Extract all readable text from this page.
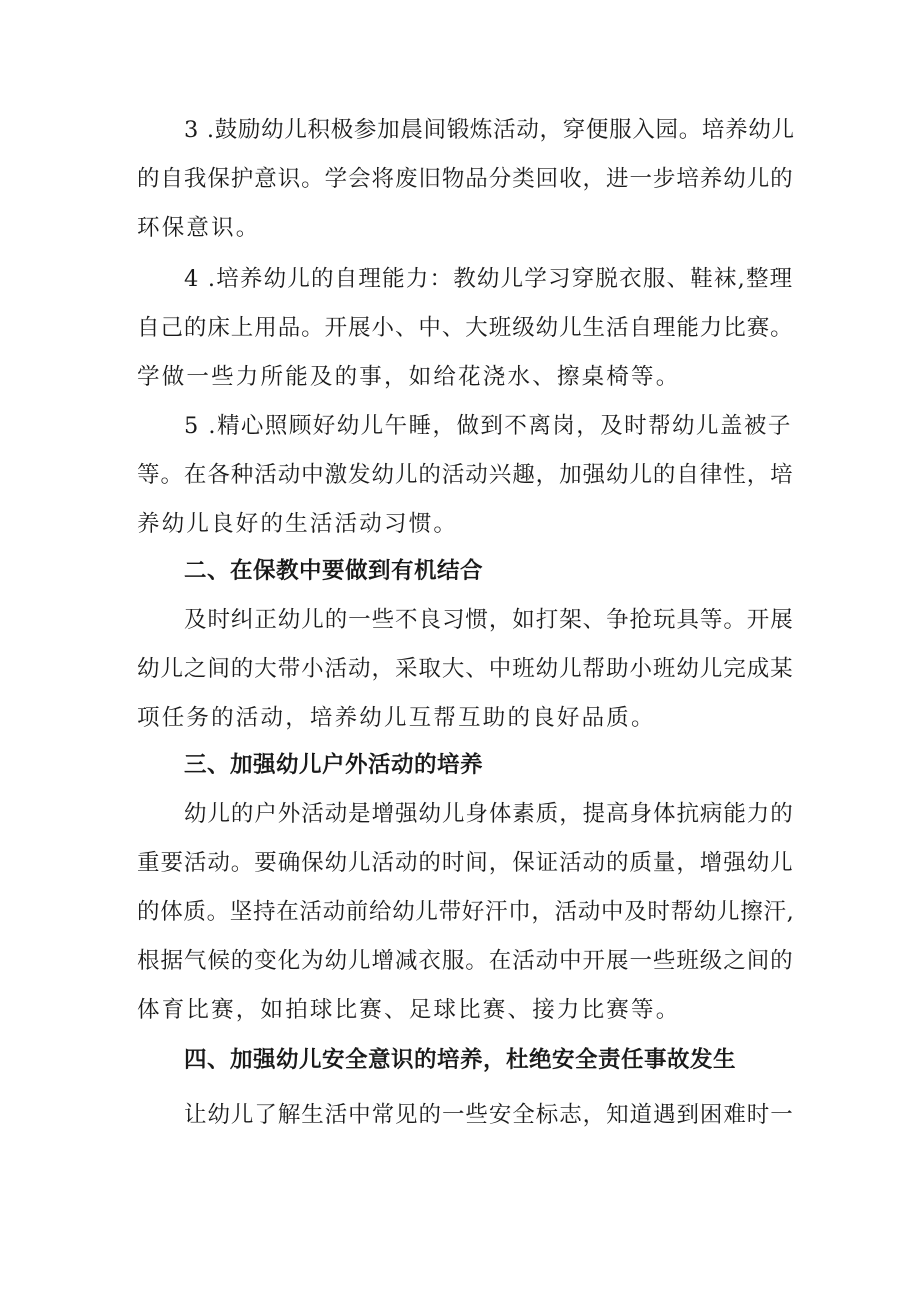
3 .鼓励幼儿积极参加晨间锻炼活动，穿便服入园。培养幼儿
的自我保护意识。学会将废旧物品分类回收，进一步培养幼儿的
环保意识。
4 .培养幼儿的自理能力：教幼儿学习穿脱衣服、鞋袜,整理
自己的床上用品。开展小、中、大班级幼儿生活自理能力比赛。
学做一些力所能及的事，如给花浇水、擦桌椅等。
5 .精心照顾好幼儿午睡，做到不离岗，及时帮幼儿盖被子
等。在各种活动中激发幼儿的活动兴趣，加强幼儿的自律性，培
养幼儿良好的生活活动习惯。
二、在保教中要做到有机结合
及时纠正幼儿的一些不良习惯，如打架、争抢玩具等。开展
幼儿之间的大带小活动，采取大、中班幼儿帮助小班幼儿完成某
项任务的活动，培养幼儿互帮互助的良好品质。
三、加强幼儿户外活动的培养
幼儿的户外活动是增强幼儿身体素质，提高身体抗病能力的
重要活动。要确保幼儿活动的时间，保证活动的质量，增强幼儿
的体质。坚持在活动前给幼儿带好汗巾，活动中及时帮幼儿擦汗,
根据气候的变化为幼儿增减衣服。在活动中开展一些班级之间的
体育比赛，如拍球比赛、足球比赛、接力比赛等。
四、加强幼儿安全意识的培养，杜绝安全责任事故发生
让幼儿了解生活中常见的一些安全标志，知道遇到困难时一
